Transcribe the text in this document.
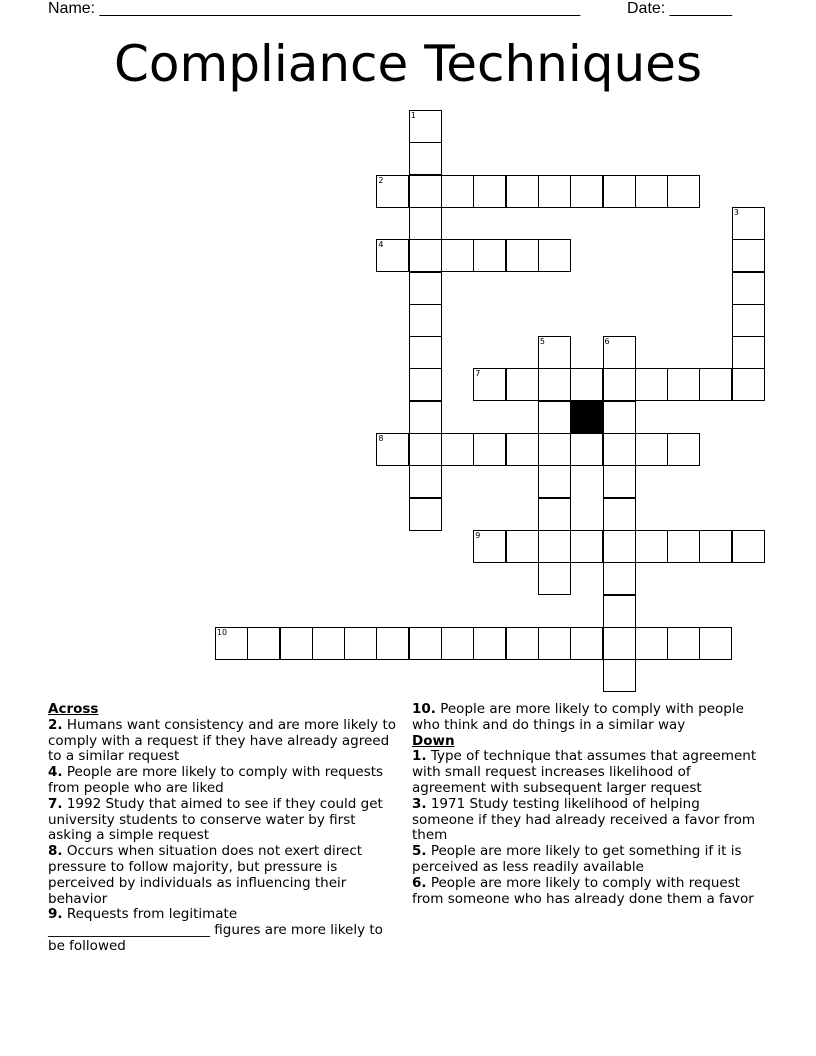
Name: ______________________________________________________	Date: _______
Compliance Techniques
2
4
7
8
9
10
1
3
5	6
Across

2. Humans want consistency and are more likely to comply with a request if they have already agreed to a similar request

4. People are more likely to comply with requests from people who are liked

7. 1992 Study that aimed to see if they could get university students to conserve water by first asking a simple request

8. Occurs when situation does not exert direct pressure to follow majority, but pressure is perceived by individuals as influencing their behavior

9. Requests from legitimate ________________________ figures are more likely to be followed

10. People are more likely to comply with people who think and do things in a similar way

Down

1. Type of technique that assumes that agreement with small request increases likelihood of agreement with subsequent larger request

3. 1971 Study testing likelihood of helping someone if they had already received a favor from them

5. People are more likely to get something if it is perceived as less readily available

6. People are more likely to comply with request from someone who has already done them a favor
